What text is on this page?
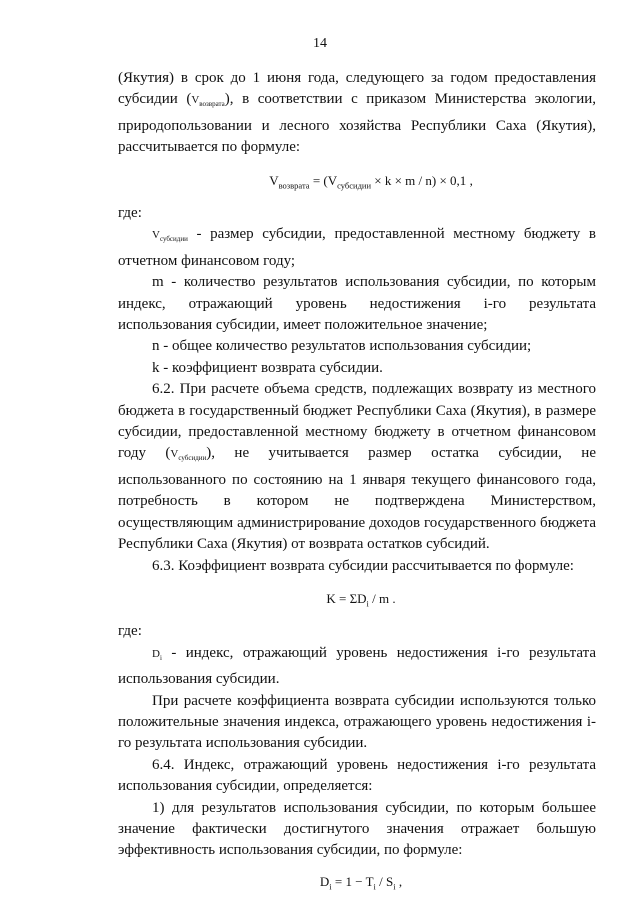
14

(Якутия) в срок до 1 июня года, следующего за годом предоставления субсидии $(V_{возврата})$, в соответствии с приказом Министерства экологии, природопользовании и лесного хозяйства Республики Саха (Якутия), рассчитывается по формуле:

$V_{возврата} = (V_{субсидии} \times k \times m / n) \times 0,1$ ,

где:

$V_{субсидии}$ - размер субсидии, предоставленной местному бюджету в отчетном финансовом году;

m - количество результатов использования субсидии, по которым индекс, отражающий уровень недостижения i-го результата использования субсидии, имеет положительное значение;

n - общее количество результатов использования субсидии;

k - коэффициент возврата субсидии.

6.2. При расчете объема средств, подлежащих возврату из местного бюджета в государственный бюджет Республики Саха (Якутия), в размере субсидии, предоставленной местному бюджету в отчетном финансовом году $(V_{субсидии})$, не учитывается размер остатка субсидии, не использованного по состоянию на 1 января текущего финансового года, потребность в котором не подтверждена Министерством, осуществляющим администрирование доходов государственного бюджета Республики Саха (Якутия) от возврата остатков субсидий.

6.3. Коэффициент возврата субсидии рассчитывается по формуле:

$K = \Sigma D_i / m$ .

где:

$D_i$ - индекс, отражающий уровень недостижения i-го результата использования субсидии.

При расчете коэффициента возврата субсидии используются только положительные значения индекса, отражающего уровень недостижения i-го результата использования субсидии.

6.4. Индекс, отражающий уровень недостижения i-го результата использования субсидии, определяется:

1) для результатов использования субсидии, по которым большее значение фактически достигнутого значения отражает большую эффективность использования субсидии, по формуле:

$D_i = 1 - T_i / S_i$ ,
